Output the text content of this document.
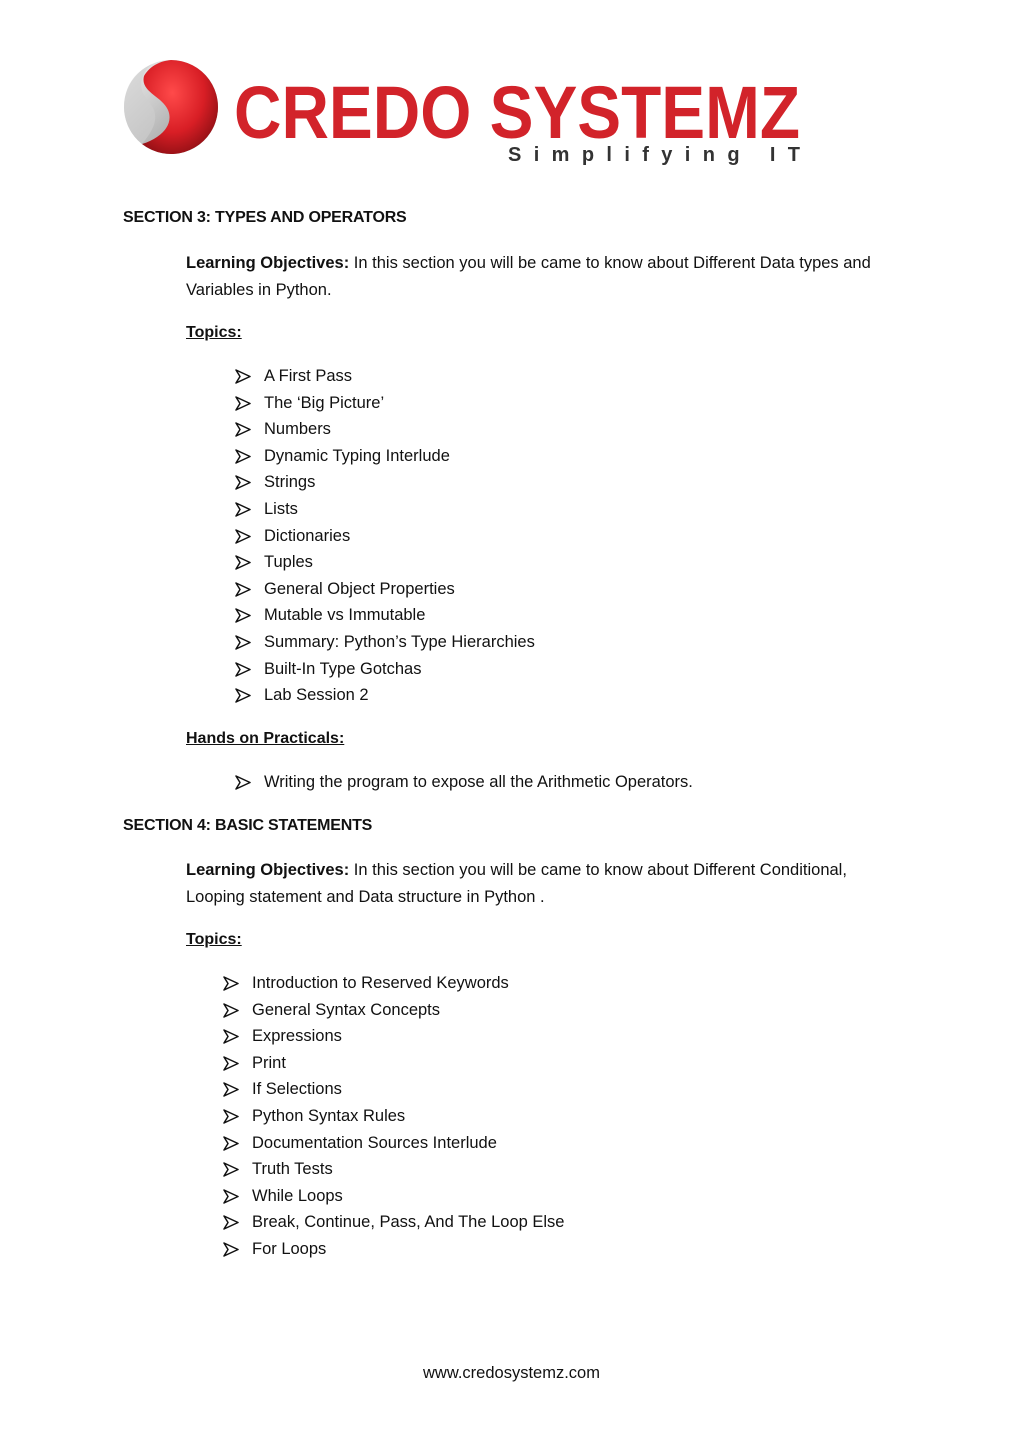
CREDO SYSTEMZ
Simplifying IT
SECTION 3: TYPES AND OPERATORS
Learning Objectives: In this section you will be came to know about Different Data types and Variables in Python.
Topics:
A First Pass
The ‘Big Picture’
Numbers
Dynamic Typing Interlude
Strings
Lists
Dictionaries
Tuples
General Object Properties
Mutable vs Immutable
Summary: Python’s Type Hierarchies
Built-In Type Gotchas
Lab Session 2
Hands on Practicals:
Writing the program to expose all the Arithmetic Operators.
SECTION 4: BASIC STATEMENTS
Learning Objectives: In this section you will be came to know about Different Conditional, Looping statement and Data structure in Python .
Topics:
Introduction to Reserved Keywords
General Syntax Concepts
Expressions
Print
If Selections
Python Syntax Rules
Documentation Sources Interlude
Truth Tests
While Loops
Break, Continue, Pass, And The Loop Else
For Loops
www.credosystemz.com
